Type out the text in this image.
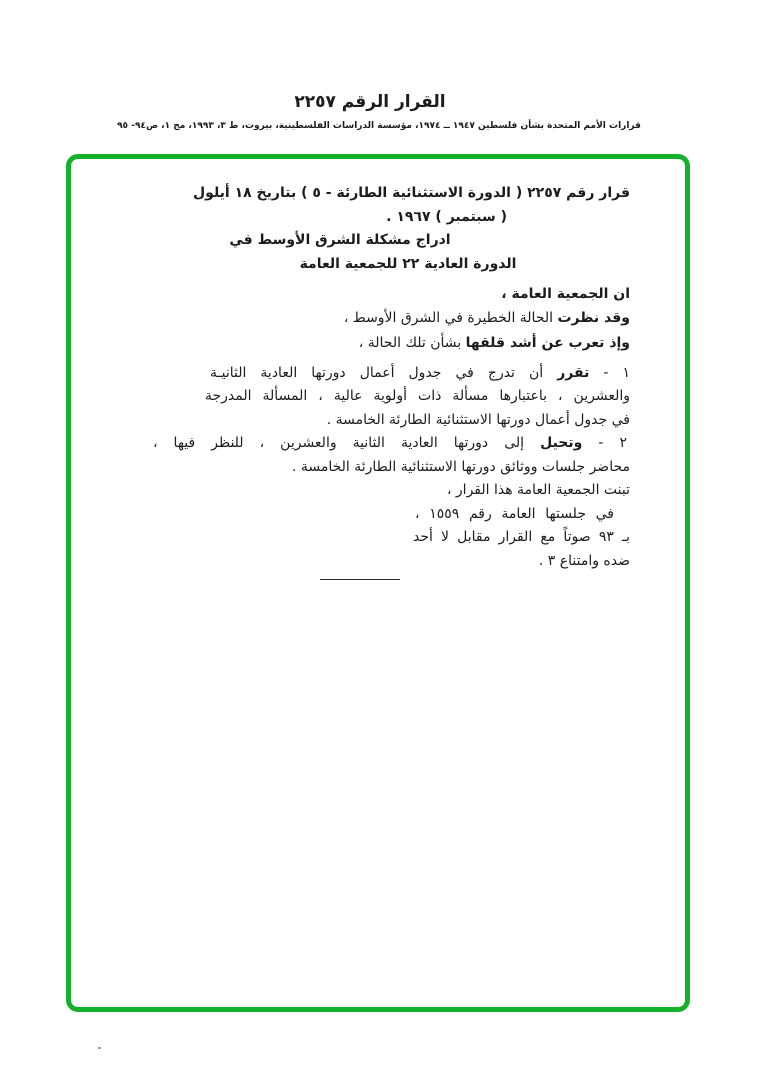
القرار الرقم ٢٢٥٧
قرارات الأمم المتحدة بشأن فلسطين ١٩٤٧ ــ ١٩٧٤، مؤسسة الدراسات الفلسطينية، بيروت، ط ٣، ١٩٩٣، مج ١، ص٩٤- ٩٥
قرار رقم ٢٢٥٧ ( الدورة الاستثنائية الطارئة - ٥ ) بتاريخ ١٨ أيلول
( سبتمبر ) ١٩٦٧ .
ادراج مشكلة الشرق الأوسط في
الدورة العادية ٢٢ للجمعية العامة
ان الجمعية العامة ،
وقد نظرت الحالة الخطيرة في الشرق الأوسط ،
وإذ تعرب عن أشد قلقها بشأن تلك الحالة ،
١ - تقرر أن تدرج في جدول أعمال دورتها العادية الثانيـة
والعشرين ، باعتبارها مسألة ذات أولوية عالية ، المسألة المدرجة
في جدول أعمال دورتها الاستثنائية الطارئة الخامسة .
٢ - وتحيل إلى دورتها العادية الثانية والعشرين ، للنظر فيها ،
محاضر جلسات ووثائق دورتها الاستثنائية الطارئة الخامسة .
تبنت الجمعية العامة هذا القرار ،
في جلستها العامة رقم ١٥٥٩ ،
بـ ٩٣ صوتاً مع القرار مقابل لا أحد
ضده وامتناع ٣ .
